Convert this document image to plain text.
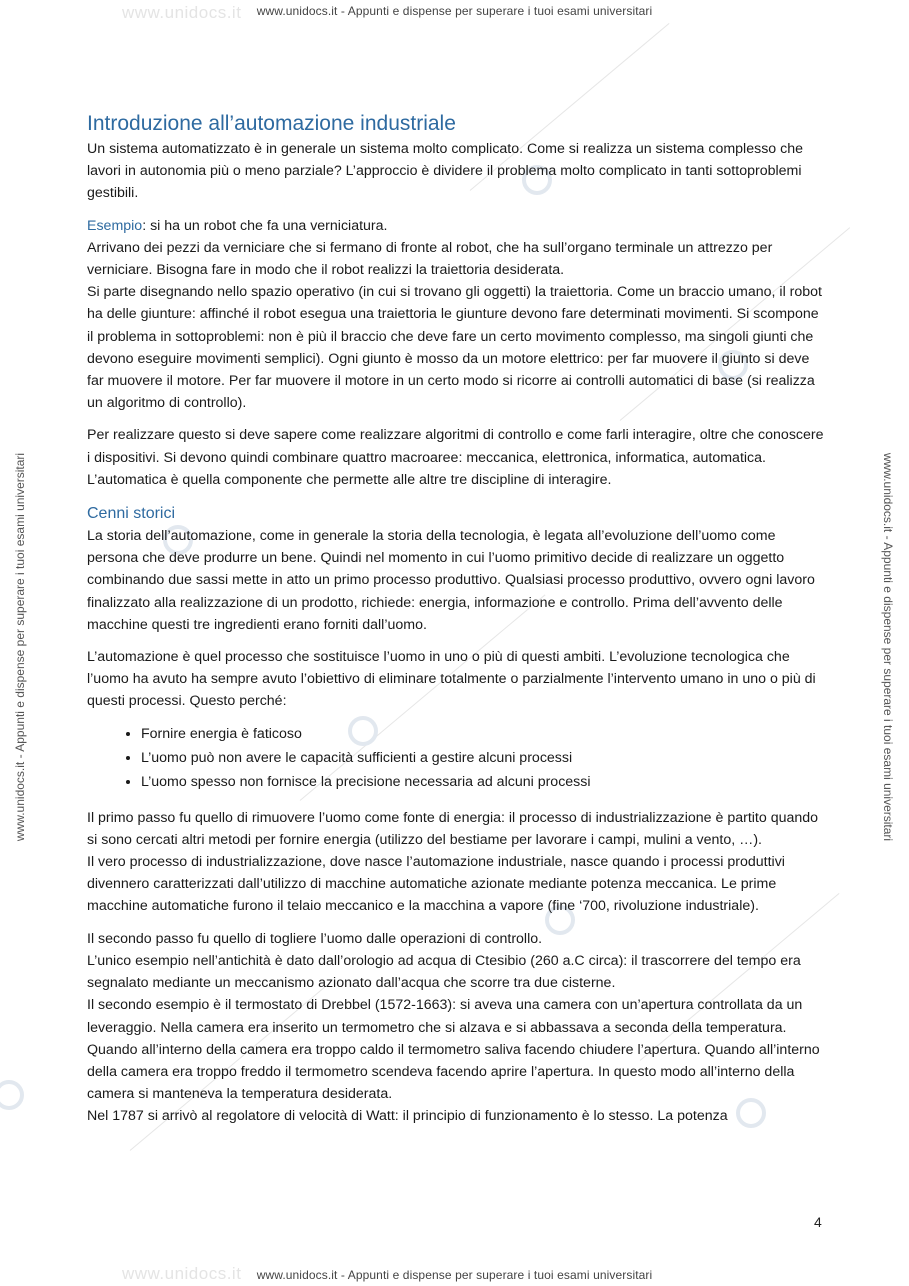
www.unidocs.it	www.unidocs.it - Appunti e dispense per superare i tuoi esami universitari
www.unidocs.it	www.unidocs.it - Appunti e dispense per superare i tuoi esami universitari
www.unidocs.it - Appunti e dispense per superare i tuoi esami universitari	www.unidocs.it - Appunti e dispense per superare i tuoi esami universitari
Introduzione all’automazione industriale

Un sistema automatizzato è in generale un sistema molto complicato. Come si realizza un sistema complesso che lavori in autonomia più o meno parziale? L’approccio è dividere il problema molto complicato in tanti sottoproblemi gestibili.

Esempio: si ha un robot che fa una verniciatura.

Arrivano dei pezzi da verniciare che si fermano di fronte al robot, che ha sull’organo terminale un attrezzo per verniciare. Bisogna fare in modo che il robot realizzi la traiettoria desiderata.

Si parte disegnando nello spazio operativo (in cui si trovano gli oggetti) la traiettoria. Come un braccio umano, il robot ha delle giunture: affinché il robot esegua una traiettoria le giunture devono fare determinati movimenti. Si scompone il problema in sottoproblemi: non è più il braccio che deve fare un certo movimento complesso, ma singoli giunti che devono eseguire movimenti semplici). Ogni giunto è mosso da un motore elettrico: per far muovere il giunto si deve far muovere il motore. Per far muovere il motore in un certo modo si ricorre ai controlli automatici di base (si realizza un algoritmo di controllo).

Per realizzare questo si deve sapere come realizzare algoritmi di controllo e come farli interagire, oltre che conoscere i dispositivi. Si devono quindi combinare quattro macroaree: meccanica, elettronica, informatica, automatica. L’automatica è quella componente che permette alle altre tre discipline di interagire.

Cenni storici

La storia dell’automazione, come in generale la storia della tecnologia, è legata all’evoluzione dell’uomo come persona che deve produrre un bene. Quindi nel momento in cui l’uomo primitivo decide di realizzare un oggetto combinando due sassi mette in atto un primo processo produttivo. Qualsiasi processo produttivo, ovvero ogni lavoro finalizzato alla realizzazione di un prodotto, richiede: energia, informazione e controllo. Prima dell’avvento delle macchine questi tre ingredienti erano forniti dall’uomo.

L’automazione è quel processo che sostituisce l’uomo in uno o più di questi ambiti. L’evoluzione tecnologica che l’uomo ha avuto ha sempre avuto l’obiettivo di eliminare totalmente o parzialmente l’intervento umano in uno o più di questi processi. Questo perché:

• Fornire energia è faticoso
• L’uomo può non avere le capacità sufficienti a gestire alcuni processi
• L’uomo spesso non fornisce la precisione necessaria ad alcuni processi

Il primo passo fu quello di rimuovere l’uomo come fonte di energia: il processo di industrializzazione è partito quando si sono cercati altri metodi per fornire energia (utilizzo del bestiame per lavorare i campi, mulini a vento, …).

Il vero processo di industrializzazione, dove nasce l’automazione industriale, nasce quando i processi produttivi divennero caratterizzati dall’utilizzo di macchine automatiche azionate mediante potenza meccanica. Le prime macchine automatiche furono il telaio meccanico e la macchina a vapore (fine ‘700, rivoluzione industriale).

Il secondo passo fu quello di togliere l’uomo dalle operazioni di controllo.

L’unico esempio nell’antichità è dato dall’orologio ad acqua di Ctesibio (260 a.C circa): il trascorrere del tempo era segnalato mediante un meccanismo azionato dall’acqua che scorre tra due cisterne.

Il secondo esempio è il termostato di Drebbel (1572-1663): si aveva una camera con un’apertura controllata da un leveraggio. Nella camera era inserito un termometro che si alzava e si abbassava a seconda della temperatura. Quando all’interno della camera era troppo caldo il termometro saliva facendo chiudere l’apertura. Quando all’interno della camera era troppo freddo il termometro scendeva facendo aprire l’apertura. In questo modo all’interno della camera si manteneva la temperatura desiderata.

Nel 1787 si arrivò al regolatore di velocità di Watt: il principio di funzionamento è lo stesso. La potenza

4
